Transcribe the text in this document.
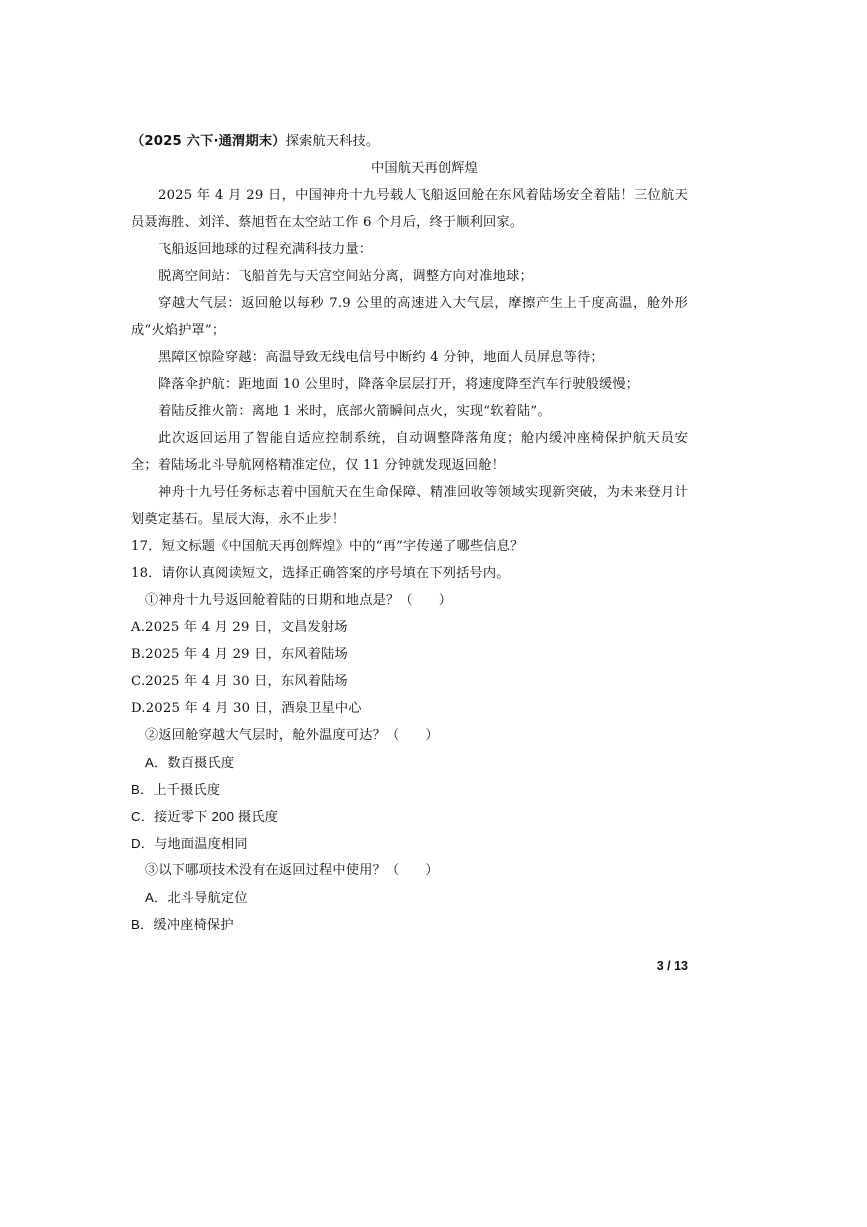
（2025 六下·通渭期末）探索航天科技。
中国航天再创辉煌
2025 年 4 月 29 日，中国神舟十九号载人飞船返回舱在东风着陆场安全着陆！三位航天员聂海胜、刘洋、蔡旭哲在太空站工作 6 个月后，终于顺利回家。
飞船返回地球的过程充满科技力量：
脱离空间站：飞船首先与天宫空间站分离，调整方向对准地球；
穿越大气层：返回舱以每秒 7.9 公里的高速进入大气层，摩擦产生上千度高温，舱外形成“火焰护罩”；
黑障区惊险穿越：高温导致无线电信号中断约 4 分钟，地面人员屏息等待；
降落伞护航：距地面 10 公里时，降落伞层层打开，将速度降至汽车行驶般缓慢；
着陆反推火箭：离地 1 米时，底部火箭瞬间点火，实现“软着陆”。
此次返回运用了智能自适应控制系统，自动调整降落角度；舱内缓冲座椅保护航天员安全；着陆场北斗导航网格精准定位，仅 11 分钟就发现返回舱！
神舟十九号任务标志着中国航天在生命保障、精准回收等领域实现新突破，为未来登月计划奠定基石。星辰大海，永不止步！
17．短文标题《中国航天再创辉煌》中的“再”字传递了哪些信息？
18．请你认真阅读短文，选择正确答案的序号填在下列括号内。
①神舟十九号返回舱着陆的日期和地点是？（ ）
A.2025 年 4 月 29 日，文昌发射场
B.2025 年 4 月 29 日，东风着陆场
C.2025 年 4 月 30 日，东风着陆场
D.2025 年 4 月 30 日，酒泉卫星中心
②返回舱穿越大气层时，舱外温度可达？（ ）
A．数百摄氏度
B．上千摄氏度
C．接近零下 200 摄氏度
D．与地面温度相同
③以下哪项技术没有在返回过程中使用？（ ）
A．北斗导航定位
B．缓冲座椅保护
3 / 13
